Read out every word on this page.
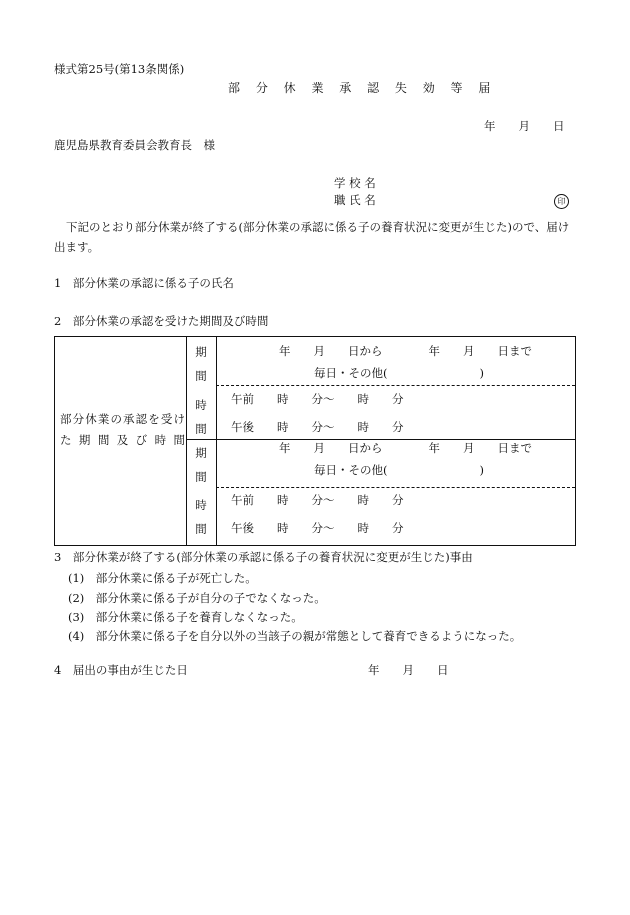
様式第25号(第13条関係)
部 分 休 業 承 認 失 効 等 届
年　　月　　日
鹿児島県教育委員会教育長　様
学 校 名
職 氏 名	印
下記のとおり部分休業が終了する(部分休業の承認に係る子の養育状況に変更が生じた)ので、届け出ます。
1　部分休業の承認に係る子の氏名
2　部分休業の承認を受けた期間及び時間
部分休業の承認を受けた期間及び時間
期間
年　　月　　日から　　　　年　　月　　日まで
毎日・その他(　　　　　　　　)
時間
午前　　時　　分～　　時　　分
午後　　時　　分～　　時　　分
期間
年　　月　　日から　　　　年　　月　　日まで
毎日・その他(　　　　　　　　)
時間
午前　　時　　分～　　時　　分
午後　　時　　分～　　時　　分
3　部分休業が終了する(部分休業の承認に係る子の養育状況に変更が生じた)事由
(1)　部分休業に係る子が死亡した。
(2)　部分休業に係る子が自分の子でなくなった。
(3)　部分休業に係る子を養育しなくなった。
(4)　部分休業に係る子を自分以外の当該子の親が常態として養育できるようになった。
4　届出の事由が生じた日	年　　月　　日
